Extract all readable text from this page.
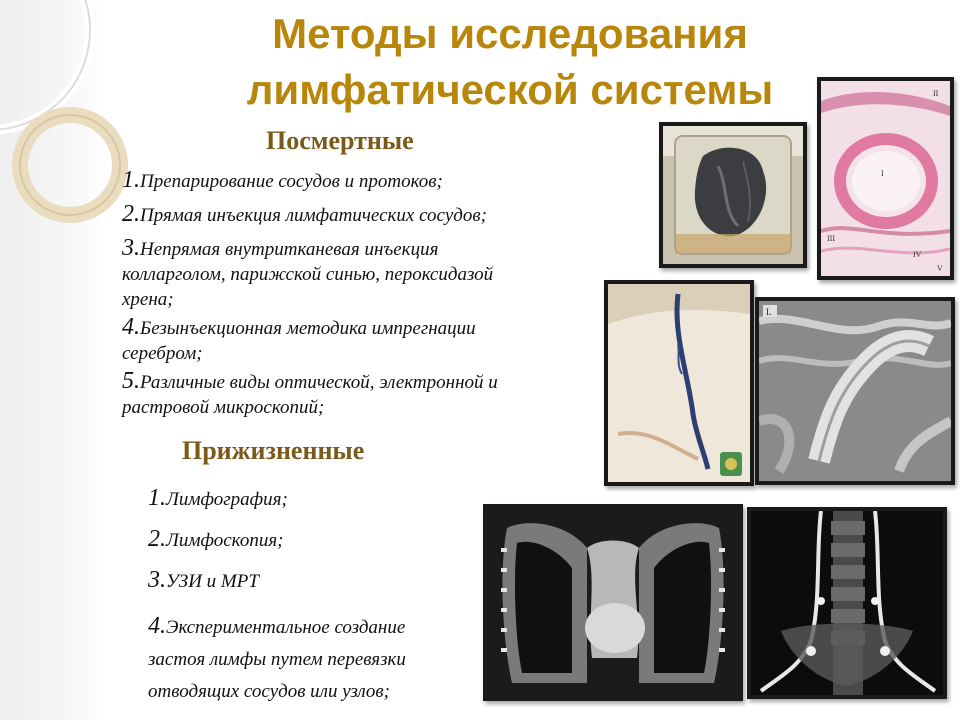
Методы исследования
лимфатической системы
Посмертные
1.Препарирование сосудов и протоков;
2.Прямая инъекция лимфатических сосудов;
3.Непрямая внутритканевая инъекция
колларголом, парижской синью, пероксидазой
хрена;
4.Безынъекционная методика импрегнации
серебром;
5.Различные виды оптической, электронной и
растровой микроскопий;
Прижизненные
1.Лимфография;
2.Лимфоскопия;
3.УЗИ и МРТ
4.Экспериментальное создание
застоя лимфы путем перевязки
отводящих сосудов или узлов;
II
I
III
IV
V
L
